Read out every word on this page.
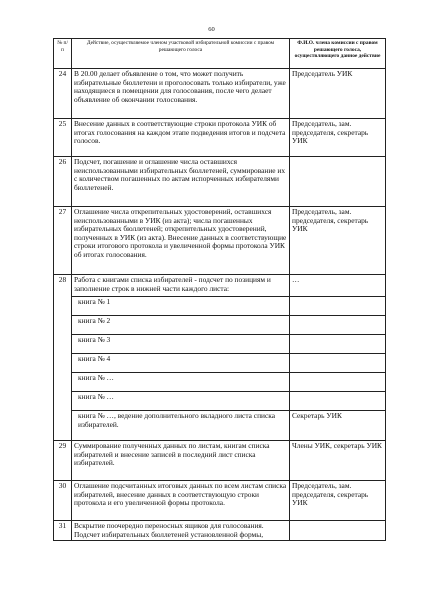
60
№ п/п	Действие, осуществляемое членом участковой избирательной комиссии с правом решающего голоса	Ф.И.О. члена комиссии с правом решающего голоса, осуществляющего данное действие
24	В 20.00 делает объявление о том, что может получить избирательные бюллетени и проголосовать только избиратели, уже находящиеся в помещении для голосования, после чего делает объявление об окончании голосования.	Председатель УИК
25	Внесение данных в соответствующие строки протокола УИК об итогах голосования на каждом этапе подведения итогов и подсчета голосов.	Председатель, зам. председателя, секретарь УИК
26	Подсчет, погашение и оглашение числа оставшихся неиспользованными избирательных бюллетеней, суммирование их с количеством погашенных по актам испорченных избирателями бюллетеней.	
27	Оглашение числа открепительных удостоверений, оставшихся неиспользованными в УИК (из акта); числа погашенных избирательных бюллетеней; открепительных удостоверений, полученных в УИК (из акта). Внесение данных в соответствующие строки итогового протокола и увеличенной формы протокола УИК об итогах голосования.	Председатель, зам. председателя, секретарь УИК
28	Работа с книгами списка избирателей - подсчет по позициям и заполнение строк в нижней части каждого листа:	…
	книга № 1	
	книга № 2	
	книга № 3	
	книга № 4	
	книга № …	
	книга № …	
	книга № …, ведение дополнительного вкладного листа списка избирателей.	Секретарь УИК
29	Суммирование полученных данных по листам, книгам списка избирателей и внесение записей в последний лист списка избирателей.	Члены УИК, секретарь УИК
30	Оглашение подсчитанных итоговых данных по всем листам списка избирателей, внесение данных в соответствующую строки протокола и его увеличенной формы протокола.	Председатель, зам. председателя, секретарь УИК
31	Вскрытие поочередно переносных ящиков для голосования. Подсчет избирательных бюллетеней установленной формы,	
